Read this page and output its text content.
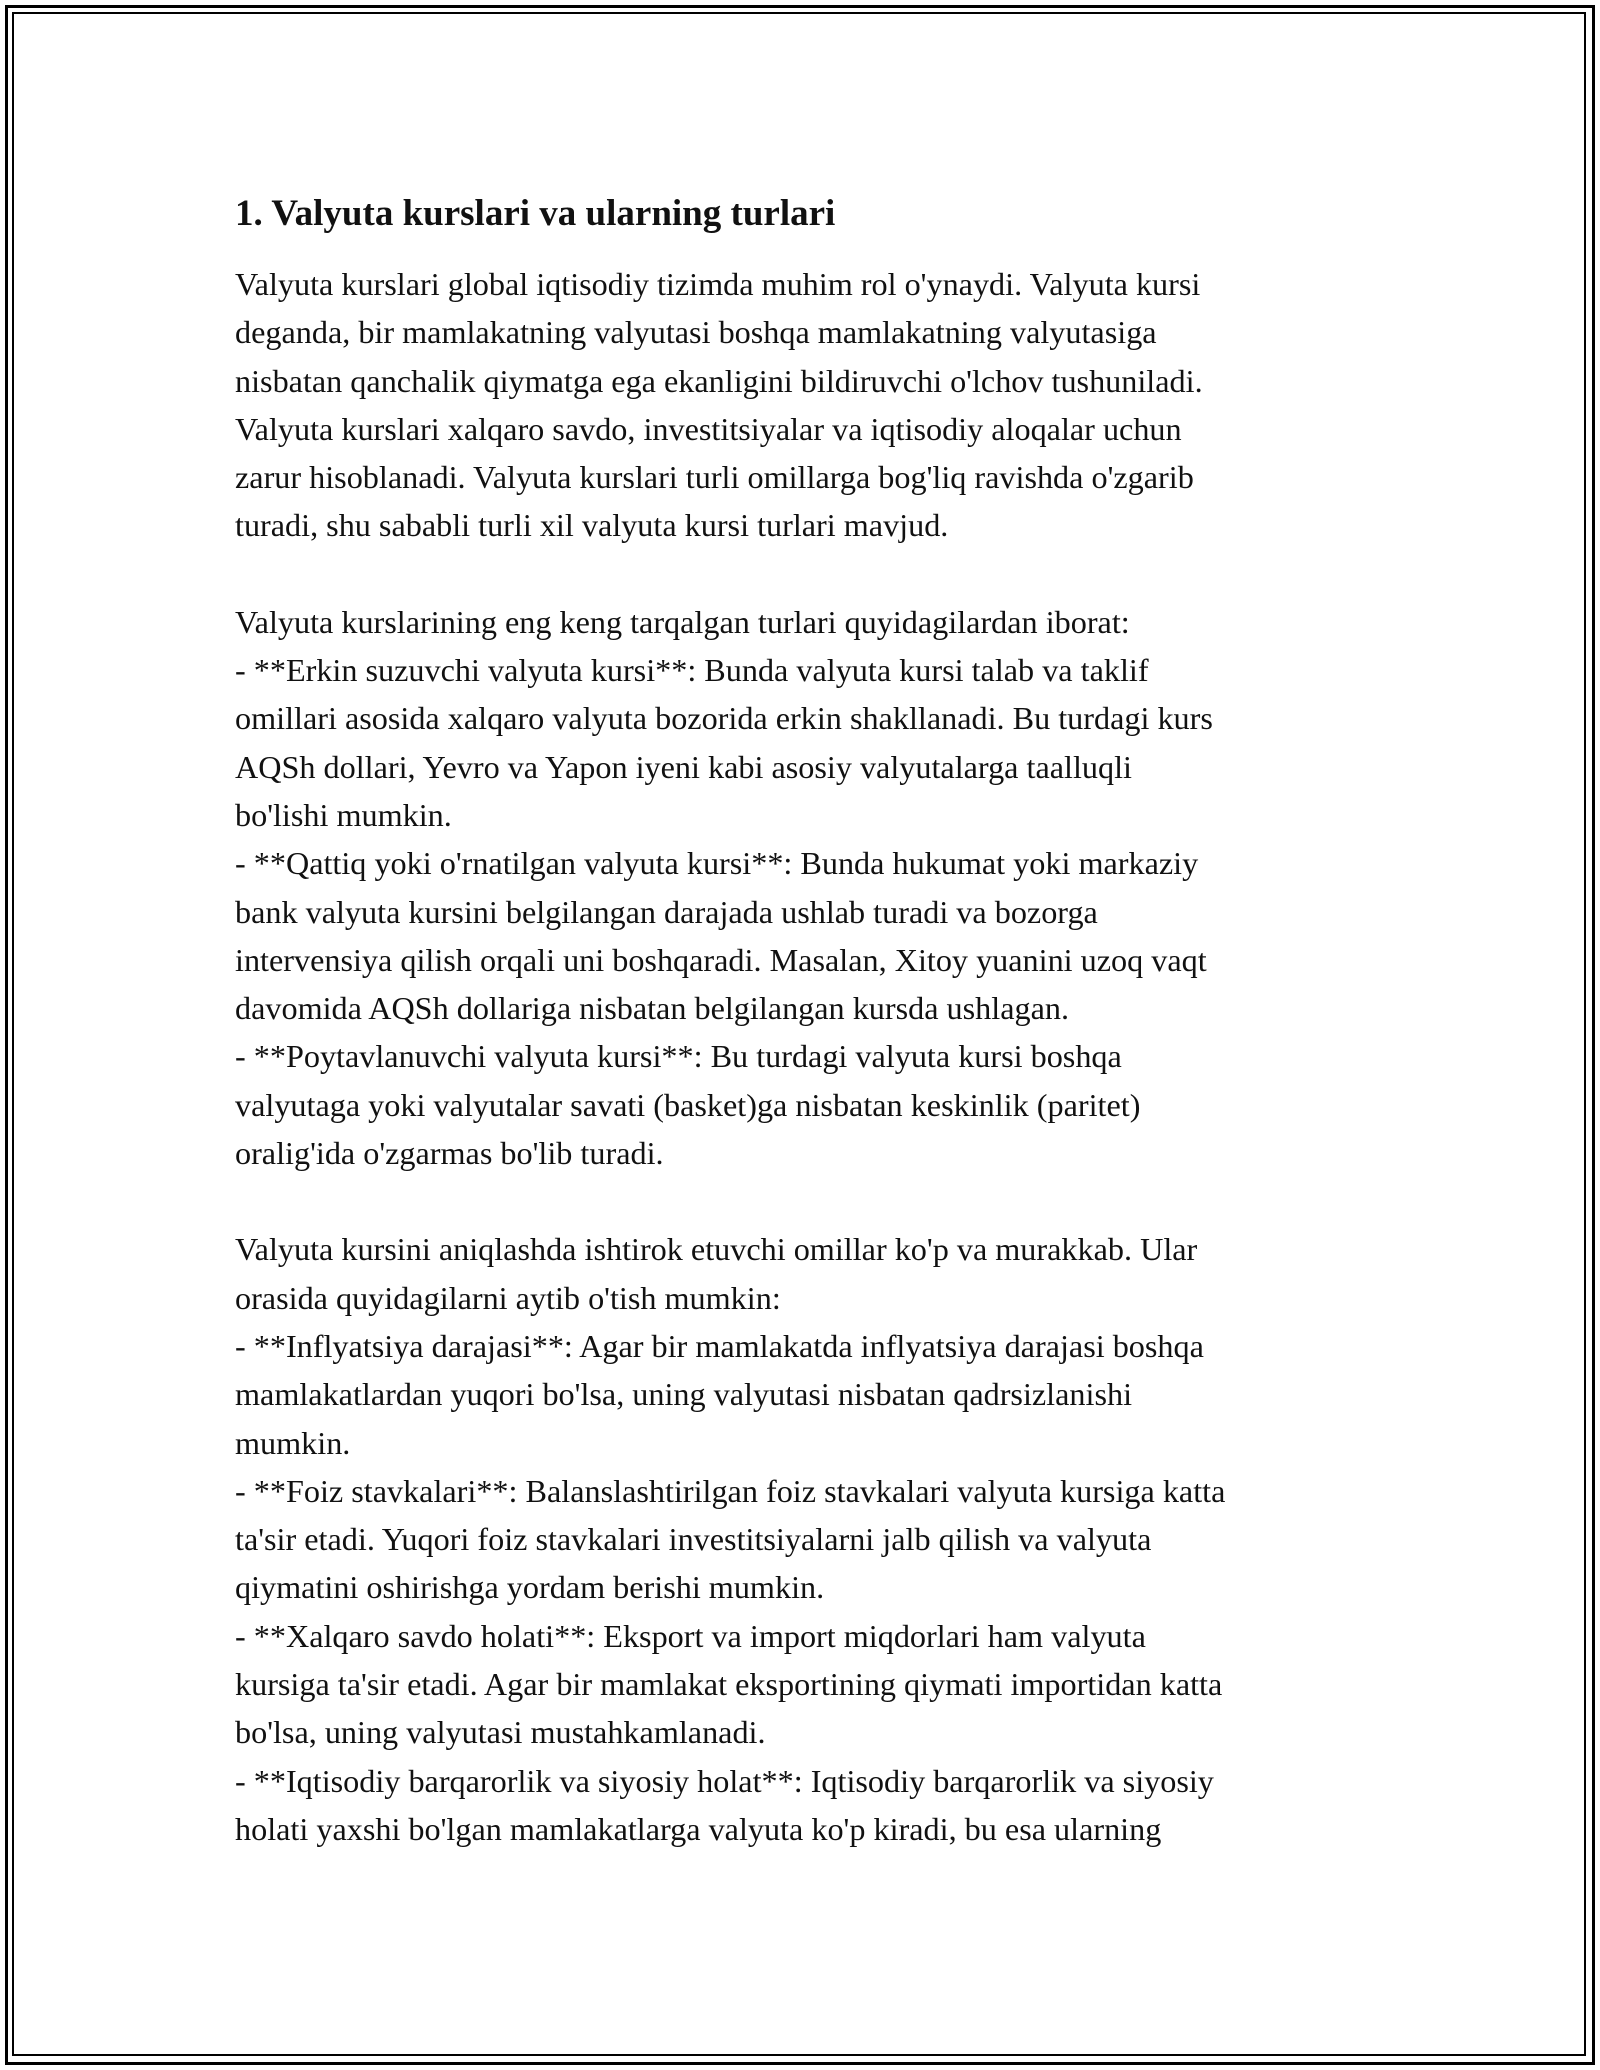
1. Valyuta kurslari va ularning turlari

Valyuta kurslari global iqtisodiy tizimda muhim rol o'ynaydi. Valyuta kursi
deganda, bir mamlakatning valyutasi boshqa mamlakatning valyutasiga
nisbatan qanchalik qiymatga ega ekanligini bildiruvchi o'lchov tushuniladi.
Valyuta kurslari xalqaro savdo, investitsiyalar va iqtisodiy aloqalar uchun
zarur hisoblanadi. Valyuta kurslari turli omillarga bog'liq ravishda o'zgarib
turadi, shu sababli turli xil valyuta kursi turlari mavjud.

Valyuta kurslarining eng keng tarqalgan turlari quyidagilardan iborat:
- **Erkin suzuvchi valyuta kursi**: Bunda valyuta kursi talab va taklif
omillari asosida xalqaro valyuta bozorida erkin shakllanadi. Bu turdagi kurs
AQSh dollari, Yevro va Yapon iyeni kabi asosiy valyutalarga taalluqli
bo'lishi mumkin.
- **Qattiq yoki o'rnatilgan valyuta kursi**: Bunda hukumat yoki markaziy
bank valyuta kursini belgilangan darajada ushlab turadi va bozorga
intervensiya qilish orqali uni boshqaradi. Masalan, Xitoy yuanini uzoq vaqt
davomida AQSh dollariga nisbatan belgilangan kursda ushlagan.
- **Poytavlanuvchi valyuta kursi**: Bu turdagi valyuta kursi boshqa
valyutaga yoki valyutalar savati (basket)ga nisbatan keskinlik (paritet)
oralig'ida o'zgarmas bo'lib turadi.

Valyuta kursini aniqlashda ishtirok etuvchi omillar ko'p va murakkab. Ular
orasida quyidagilarni aytib o'tish mumkin:
- **Inflyatsiya darajasi**: Agar bir mamlakatda inflyatsiya darajasi boshqa
mamlakatlardan yuqori bo'lsa, uning valyutasi nisbatan qadrsizlanishi
mumkin.
- **Foiz stavkalari**: Balanslashtirilgan foiz stavkalari valyuta kursiga katta
ta'sir etadi. Yuqori foiz stavkalari investitsiyalarni jalb qilish va valyuta
qiymatini oshirishga yordam berishi mumkin.
- **Xalqaro savdo holati**: Eksport va import miqdorlari ham valyuta
kursiga ta'sir etadi. Agar bir mamlakat eksportining qiymati importidan katta
bo'lsa, uning valyutasi mustahkamlanadi.
- **Iqtisodiy barqarorlik va siyosiy holat**: Iqtisodiy barqarorlik va siyosiy
holati yaxshi bo'lgan mamlakatlarga valyuta ko'p kiradi, bu esa ularning
